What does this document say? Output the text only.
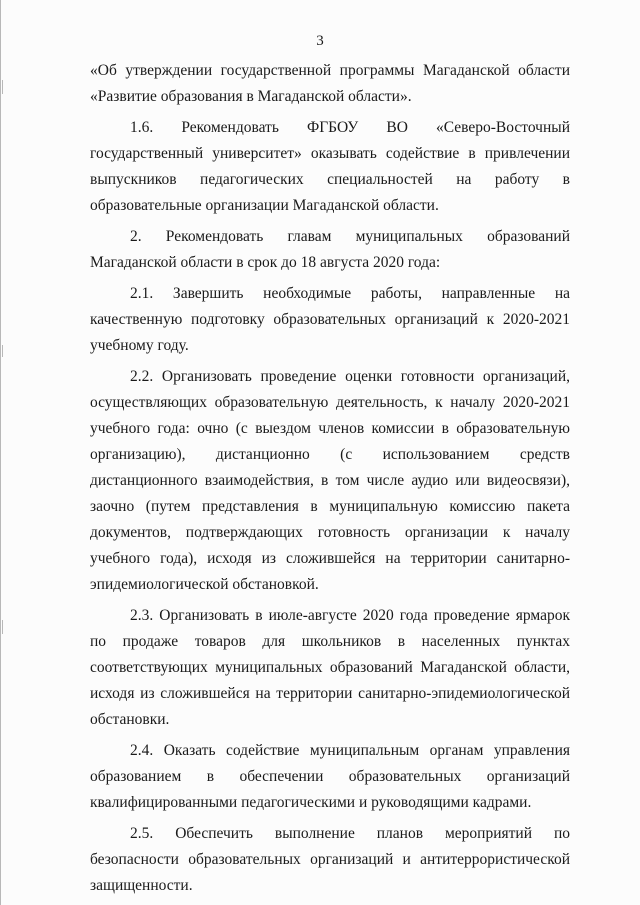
3

«Об утверждении государственной программы Магаданской области «Развитие образования в Магаданской области».

1.6. Рекомендовать ФГБОУ ВО «Северо-Восточный государственный университет» оказывать содействие в привлечении выпускников педагогических специальностей на работу в образовательные организации Магаданской области.

2. Рекомендовать главам муниципальных образований Магаданской области в срок до 18 августа 2020 года:

2.1. Завершить необходимые работы, направленные на качественную подготовку образовательных организаций к 2020-2021 учебному году.

2.2. Организовать проведение оценки готовности организаций, осуществляющих образовательную деятельность, к началу 2020-2021 учебного года: очно (с выездом членов комиссии в образовательную организацию), дистанционно (с использованием средств дистанционного взаимодействия, в том числе аудио или видеосвязи), заочно (путем представления в муниципальную комиссию пакета документов, подтверждающих готовность организации к началу учебного года), исходя из сложившейся на территории санитарно-эпидемиологической обстановкой.

2.3. Организовать в июле-августе 2020 года проведение ярмарок по продаже товаров для школьников в населенных пунктах соответствующих муниципальных образований Магаданской области, исходя из сложившейся на территории санитарно-эпидемиологической обстановки.

2.4. Оказать содействие муниципальным органам управления образованием в обеспечении образовательных организаций квалифицированными педагогическими и руководящими кадрами.

2.5. Обеспечить выполнение планов мероприятий по безопасности образовательных организаций и антитеррористической защищенности.
